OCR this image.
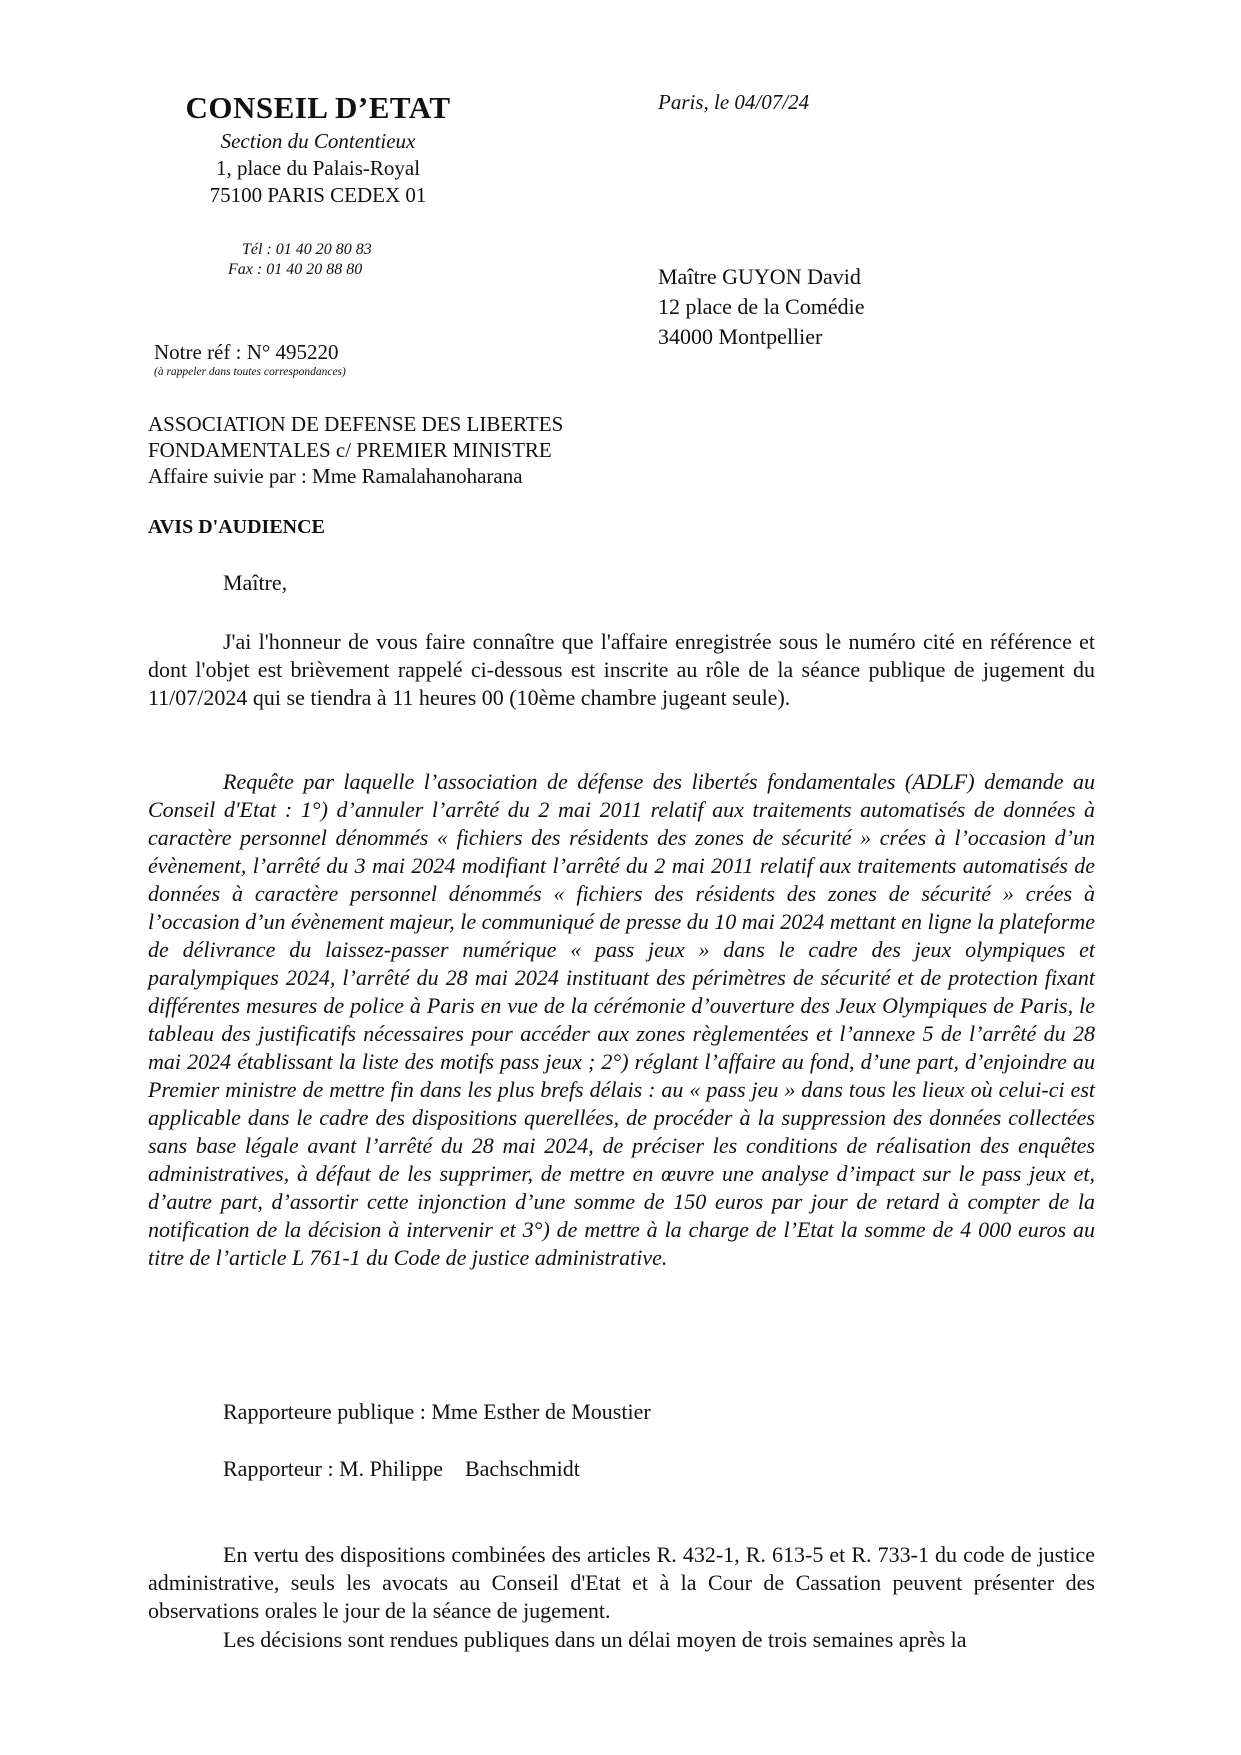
CONSEIL D’ETAT
Section du Contentieux
1, place du Palais-Royal
75100 PARIS CEDEX 01
Tél : 01 40 20 80 83
Fax : 01 40 20 88 80
Notre réf : N° 495220
(à rappeler dans toutes correspondances)
Paris, le 04/07/24
Maître GUYON David
12 place de la Comédie
34000 Montpellier
ASSOCIATION DE DEFENSE DES LIBERTES
FONDAMENTALES c/ PREMIER MINISTRE
Affaire suivie par : Mme Ramalahanoharana
AVIS D'AUDIENCE
Maître,

J'ai l'honneur de vous faire connaître que l'affaire enregistrée sous le numéro cité en référence et dont l'objet est brièvement rappelé ci-dessous est inscrite au rôle de la séance publique de jugement du 11/07/2024 qui se tiendra à 11 heures 00 (10ème chambre jugeant seule).

Requête par laquelle l’association de défense des libertés fondamentales (ADLF) demande au Conseil d'Etat : 1°) d’annuler l’arrêté du 2 mai 2011 relatif aux traitements automatisés de données à caractère personnel dénommés « fichiers des résidents des zones de sécurité » crées à l’occasion d’un évènement, l’arrêté du 3 mai 2024 modifiant l’arrêté du 2 mai 2011 relatif aux traitements automatisés de données à caractère personnel dénommés « fichiers des résidents des zones de sécurité » crées à l’occasion d’un évènement majeur, le communiqué de presse du 10 mai 2024 mettant en ligne la plateforme de délivrance du laissez-passer numérique « pass jeux » dans le cadre des jeux olympiques et paralympiques 2024, l’arrêté du 28 mai 2024 instituant des périmètres de sécurité et de protection fixant différentes mesures de police à Paris en vue de la cérémonie d’ouverture des Jeux Olympiques de Paris, le tableau des justificatifs nécessaires pour accéder aux zones règlementées et l’annexe 5 de l’arrêté du 28 mai 2024 établissant la liste des motifs pass jeux ; 2°) réglant l’affaire au fond, d’une part, d’enjoindre au Premier ministre de mettre fin dans les plus brefs délais : au « pass jeu » dans tous les lieux où celui-ci est applicable dans le cadre des dispositions querellées, de procéder à la suppression des données collectées sans base légale avant l’arrêté du 28 mai 2024, de préciser les conditions de réalisation des enquêtes administratives, à défaut de les supprimer, de mettre en œuvre une analyse d’impact sur le pass jeux et, d’autre part, d’assortir cette injonction d’une somme de 150 euros par jour de retard à compter de la notification de la décision à intervenir et 3°) de mettre à la charge de l’Etat la somme de 4 000 euros au titre de l’article L 761-1 du Code de justice administrative.

Rapporteure publique : Mme Esther de Moustier
Rapporteur : M. Philippe    Bachschmidt

En vertu des dispositions combinées des articles R. 432-1, R. 613-5 et R. 733-1 du code de justice administrative, seuls les avocats au Conseil d'Etat et à la Cour de Cassation peuvent présenter des observations orales le jour de la séance de jugement.

Les décisions sont rendues publiques dans un délai moyen de trois semaines après la
